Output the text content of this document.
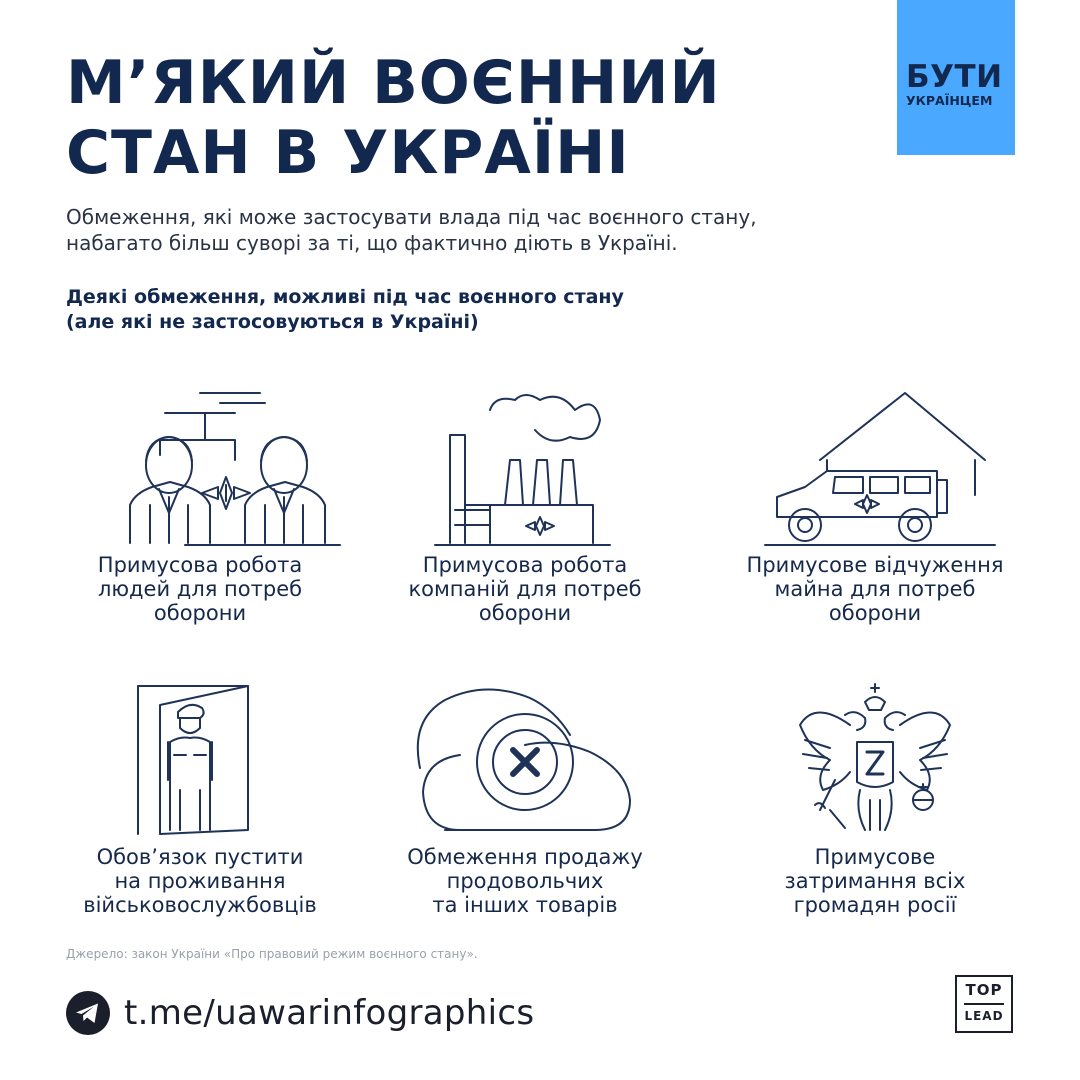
М’ЯКИЙ ВОЄННИЙ
СТАН В УКРАЇНІ
БУТИ
УКРАЇНЦЕМ

Обмеження, які може застосувати влада під час воєнного стану,
набагато більш суворі за ті, що фактично діють в Україні.

Деякі обмеження, можливі під час воєнного стану
(але які не застосовуються в Україні)

Примусова робота
людей для потреб
оборони
Примусова робота
компаній для потреб
оборони
Примусове відчуження
майна для потреб
оборони
Обов’язок пустити
на проживання
військовослужбовців
Обмеження продажу
продовольчих
та інших товарів
Примусове
затримання всіх
громадян росії
Джерело: закон України «Про правовий режим воєнного стану».
t.me/uawarinfographics
TOP
LEAD
